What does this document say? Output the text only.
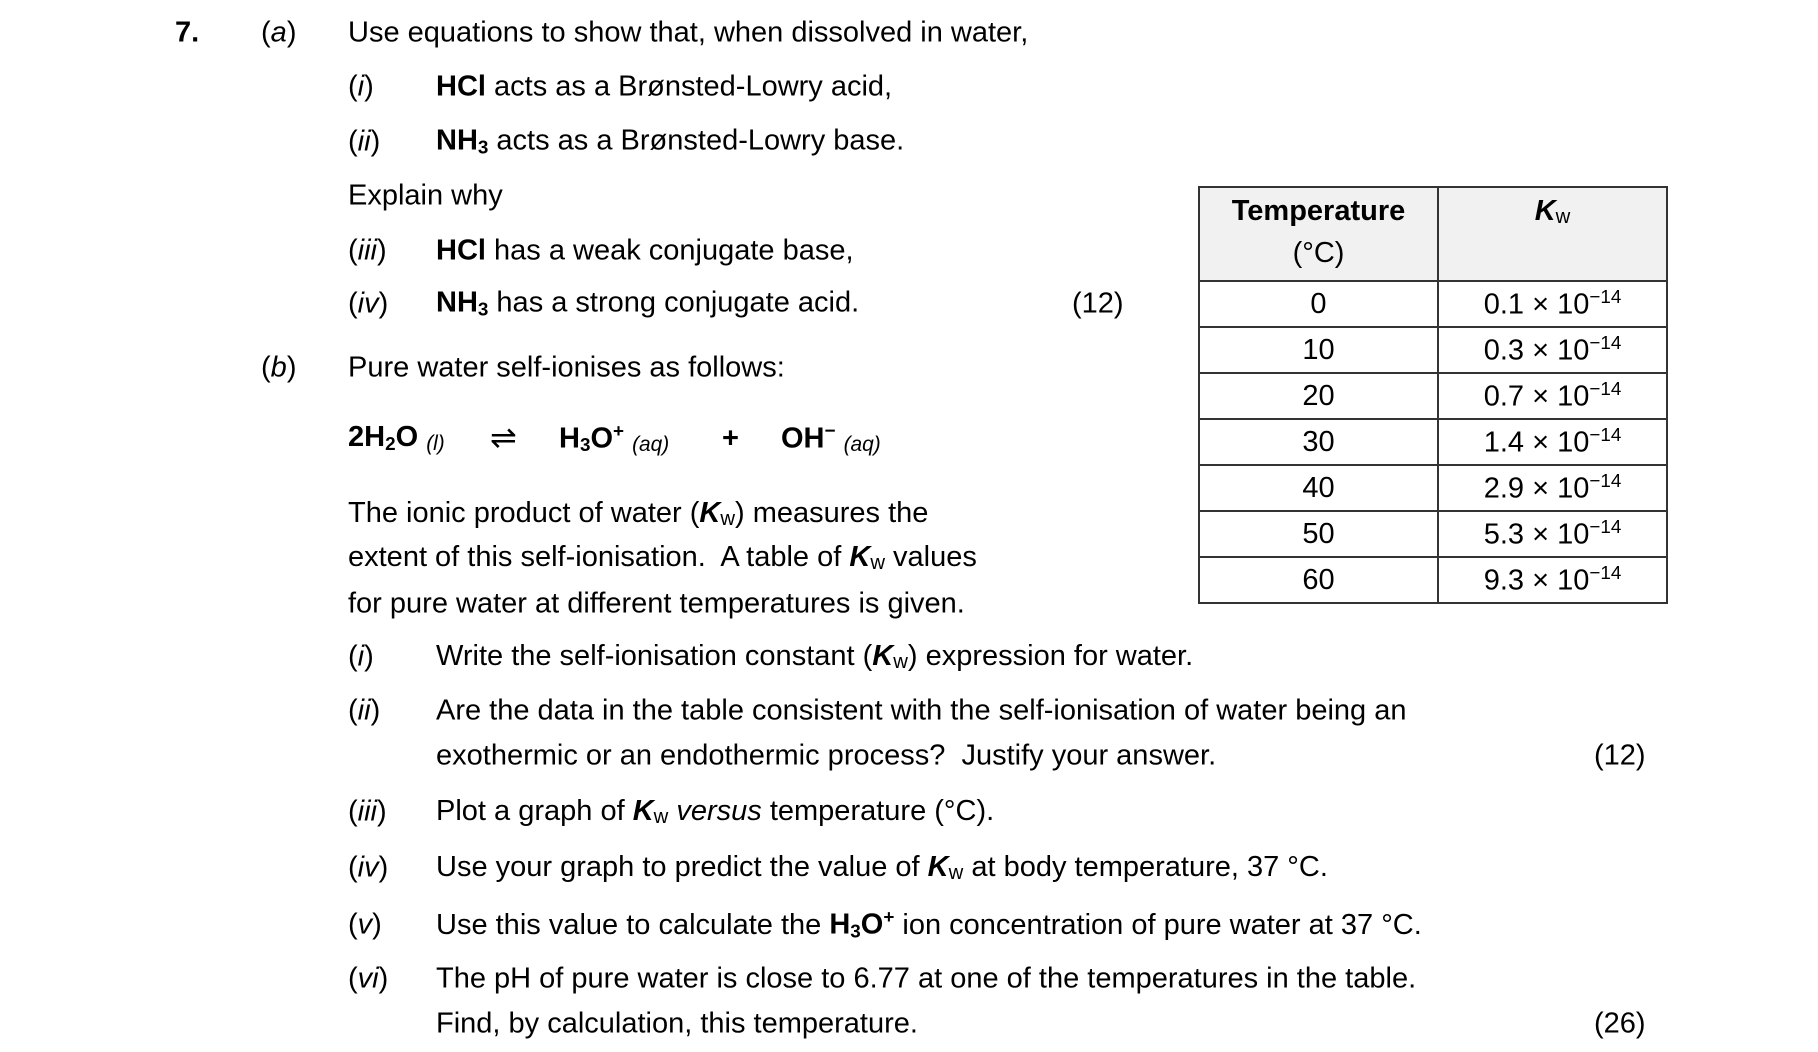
7. (a) Use equations to show that, when dissolved in water,
(i) HCl acts as a Brønsted-Lowry acid,
(ii) $NH_3$ acts as a Brønsted-Lowry base.
Explain why
(iii) HCl has a weak conjugate base,
(iv) $NH_3$ has a strong conjugate acid.	(12)
(b) Pure water self-ionises as follows:
$2H_2O$ (l) ⇌ $H_3O^+$ (aq) + OH− (aq)
The ionic product of water (Kw) measures the
extent of this self-ionisation.  A table of Kw values
for pure water at different temperatures is given.
Temperature
(°C)	Kw
0	$0.1 \times 10^{-14}$
10	$0.3 \times 10^{-14}$
20	$0.7 \times 10^{-14}$
30	$1.4 \times 10^{-14}$
40	$2.9 \times 10^{-14}$
50	$5.3 \times 10^{-14}$
60	$9.3 \times 10^{-14}$
(i) Write the self-ionisation constant (Kw) expression for water.
(ii) Are the data in the table consistent with the self-ionisation of water being an
exothermic or an endothermic process?  Justify your answer.	(12)
(iii) Plot a graph of Kw versus temperature (°C).
(iv) Use your graph to predict the value of Kw at body temperature, 37 °C.
(v) Use this value to calculate the $H_3O^+$ ion concentration of pure water at 37 °C.
(vi) The pH of pure water is close to 6.77 at one of the temperatures in the table.
Find, by calculation, this temperature.	(26)
